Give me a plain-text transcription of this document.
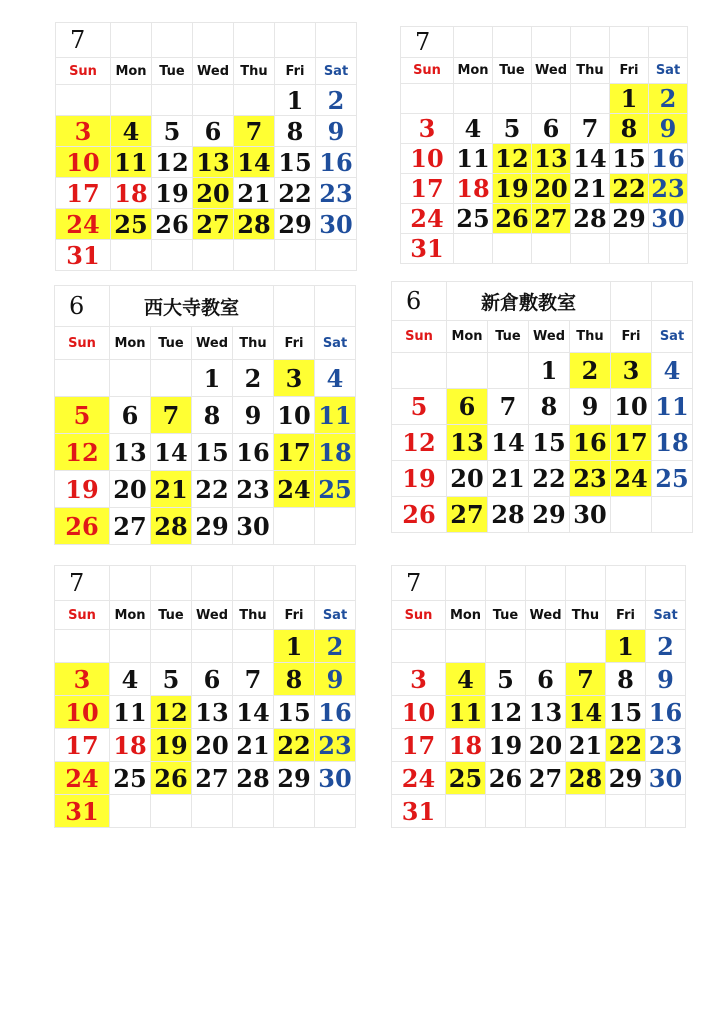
7						
Sun	Mon	Tue	Wed	Thu	Fri	Sat
					1	2
3	4	5	6	7	8	9
10	11	12	13	14	15	16
17	18	19	20	21	22	23
24	25	26	27	28	29	30
31						
7						
Sun	Mon	Tue	Wed	Thu	Fri	Sat
					1	2
3	4	5	6	7	8	9
10	11	12	13	14	15	16
17	18	19	20	21	22	23
24	25	26	27	28	29	30
31						
6	西大寺教室					
Sun	Mon	Tue	Wed	Thu	Fri	Sat
			1	2	3	4
5	6	7	8	9	10	11
12	13	14	15	16	17	18
19	20	21	22	23	24	25
26	27	28	29	30		
6	新倉敷教室					
Sun	Mon	Tue	Wed	Thu	Fri	Sat
			1	2	3	4
5	6	7	8	9	10	11
12	13	14	15	16	17	18
19	20	21	22	23	24	25
26	27	28	29	30		
7						
Sun	Mon	Tue	Wed	Thu	Fri	Sat
					1	2
3	4	5	6	7	8	9
10	11	12	13	14	15	16
17	18	19	20	21	22	23
24	25	26	27	28	29	30
31						
7						
Sun	Mon	Tue	Wed	Thu	Fri	Sat
					1	2
3	4	5	6	7	8	9
10	11	12	13	14	15	16
17	18	19	20	21	22	23
24	25	26	27	28	29	30
31						
